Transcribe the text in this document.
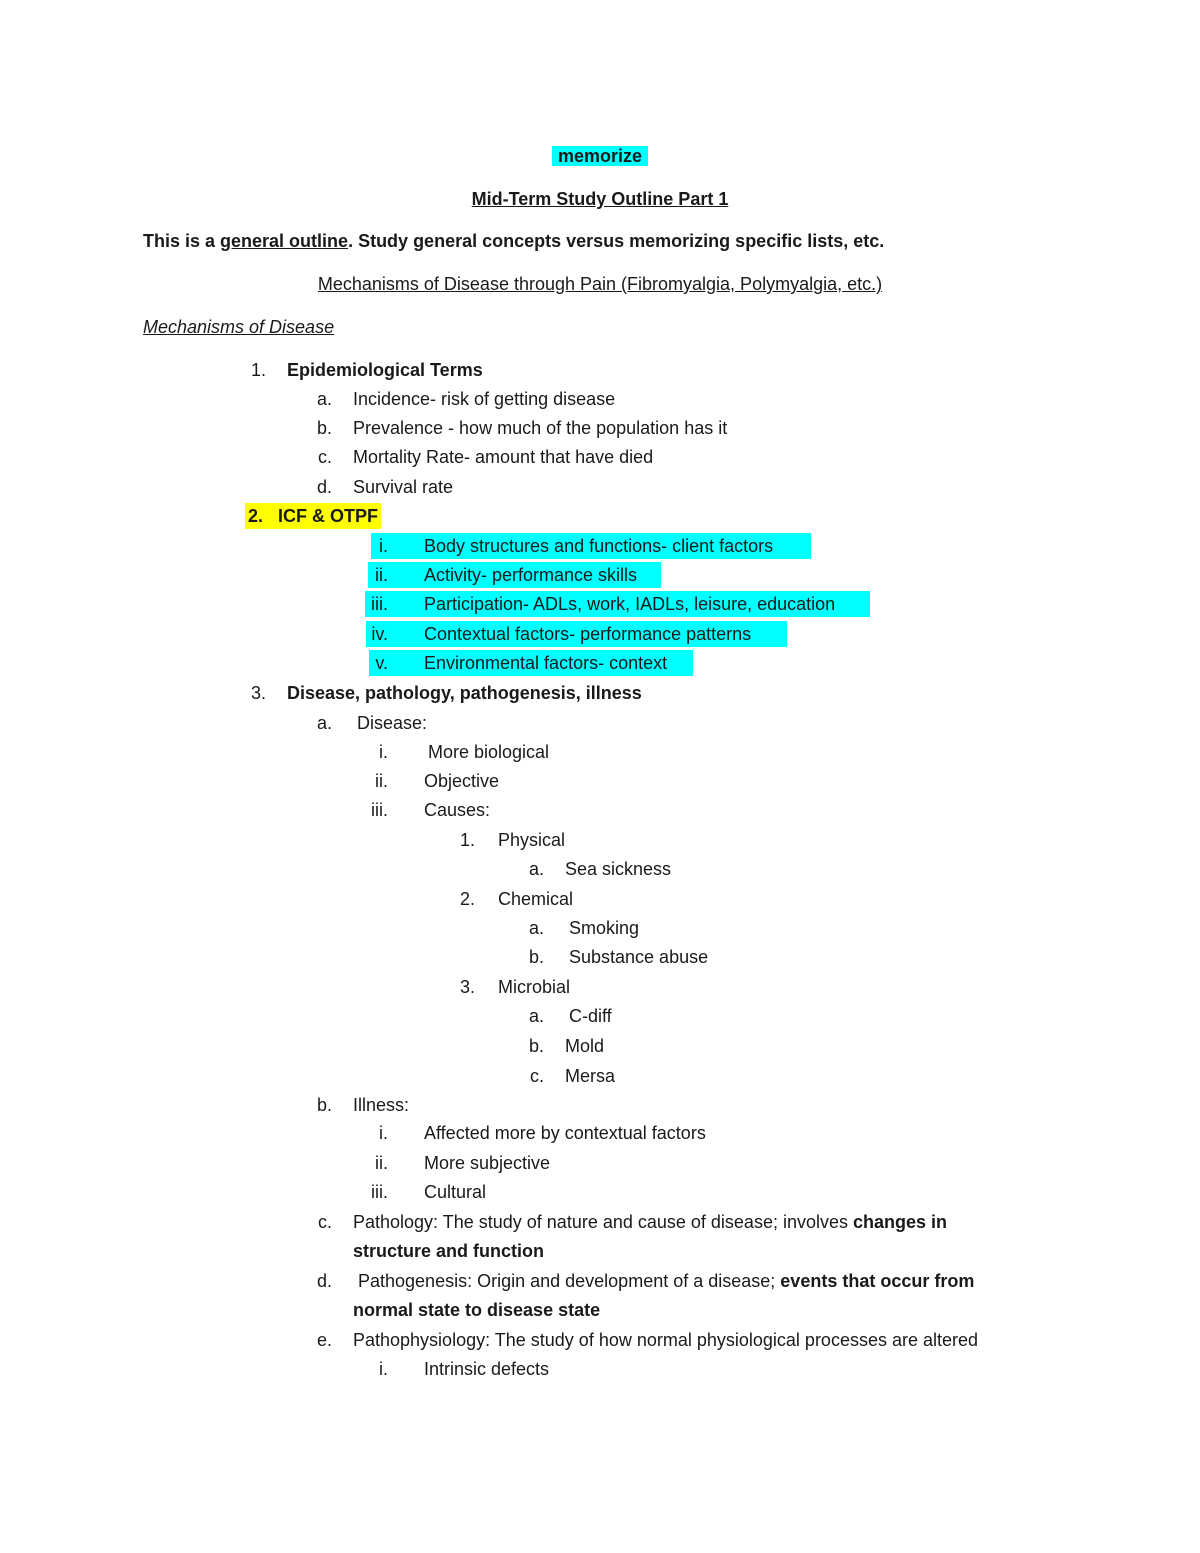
memorize
Mid-Term Study Outline Part 1
This is a general outline. Study general concepts versus memorizing specific lists, etc.
Mechanisms of Disease through Pain (Fibromyalgia, Polymyalgia, etc.)
Mechanisms of Disease
1. Epidemiological Terms
a. Incidence- risk of getting disease
b. Prevalence - how much of the population has it
c. Mortality Rate- amount that have died
d. Survival rate
2. ICF & OTPF
i. Body structures and functions- client factors
ii. Activity- performance skills
iii. Participation- ADLs, work, IADLs, leisure, education
iv. Contextual factors- performance patterns
v. Environmental factors- context
3. Disease, pathology, pathogenesis, illness
a. Disease:
i. More biological
ii. Objective
iii. Causes:
1. Physical
a. Sea sickness
2. Chemical
a. Smoking
b. Substance abuse
3. Microbial
a. C-diff
b. Mold
c. Mersa
b. Illness:
i. Affected more by contextual factors
ii. More subjective
iii. Cultural
c. Pathology: The study of nature and cause of disease; involves changes in
structure and function
d. Pathogenesis: Origin and development of a disease; events that occur from
normal state to disease state
e. Pathophysiology: The study of how normal physiological processes are altered
i. Intrinsic defects
